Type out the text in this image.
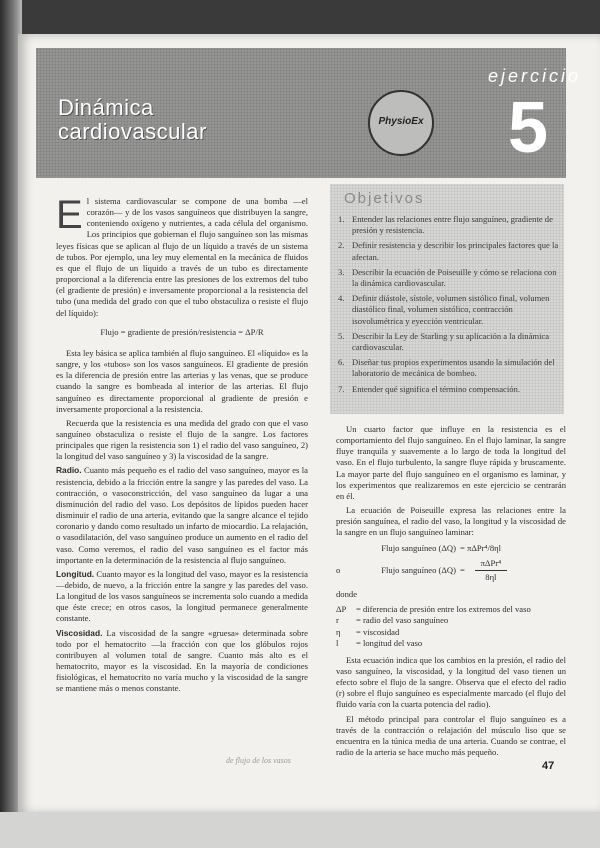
Dinámica
cardiovascular	PhysioEx
ejercicio
5

El sistema cardiovascular se compone de una bomba —el corazón— y de los vasos sanguíneos que distribuyen la sangre, conteniendo oxígeno y nutrientes, a cada célula del organismo. Los principios que gobiernan el flujo sanguíneo son las mismas leyes físicas que se aplican al flujo de un líquido a través de un sistema de tubos. Por ejemplo, una ley muy elemental en la mecánica de fluidos es que el flujo de un líquido a través de un tubo es directamente proporcional a la diferencia entre las presiones de los extremos del tubo (el gradiente de presión) e inversamente proporcional a la resistencia del tubo (una medida del grado con que el tubo obstaculiza o resiste el flujo del líquido):

Flujo = gradiente de presión/resistencia = ΔP/R

Esta ley básica se aplica también al flujo sanguíneo. El «líquido» es la sangre, y los «tubos» son los vasos sanguíneos. El gradiente de presión es la diferencia de presión entre las arterias y las venas, que se produce cuando la sangre es bombeada al interior de las arterias. El flujo sanguíneo es directamente proporcional al gradiente de presión e inversamente proporcional a la resistencia.

Recuerda que la resistencia es una medida del grado con que el vaso sanguíneo obstaculiza o resiste el flujo de la sangre. Los factores principales que rigen la resistencia son 1) el radio del vaso sanguíneo, 2) la longitud del vaso sanguíneo y 3) la viscosidad de la sangre.

Radio. Cuanto más pequeño es el radio del vaso sanguíneo, mayor es la resistencia, debido a la fricción entre la sangre y las paredes del vaso. La contracción, o vasoconstricción, del vaso sanguíneo da lugar a una disminución del radio del vaso. Los depósitos de lípidos pueden hacer disminuir el radio de una arteria, evitando que la sangre alcance el tejido coronario y dando como resultado un infarto de miocardio. La relajación, o vasodilatación, del vaso sanguíneo produce un aumento en el radio del vaso. Como veremos, el radio del vaso sanguíneo es el factor más importante en la determinación de la resistencia al flujo sanguíneo.

Longitud. Cuanto mayor es la longitud del vaso, mayor es la resistencia —debido, de nuevo, a la fricción entre la sangre y las paredes del vaso. La longitud de los vasos sanguíneos se incrementa solo cuando a medida que éste crece; en otros casos, la longitud permanece generalmente constante.

Viscosidad. La viscosidad de la sangre «gruesa» determinada sobre todo por el hematocrito —la fracción con que los glóbulos rojos contribuyen al volumen total de sangre. Cuanto más alto es el hematocrito, mayor es la viscosidad. En la mayoría de condiciones fisiológicas, el hematocrito no varía mucho y la viscosidad de la sangre se mantiene más o menos constante.

Objetivos
1. Entender las relaciones entre flujo sanguíneo, gradiente de presión y resistencia.
2. Definir resistencia y describir los principales factores que la afectan.
3. Describir la ecuación de Poiseuille y cómo se relaciona con la dinámica cardiovascular.
4. Definir diástole, sístole, volumen sistólico final, volumen diastólico final, volumen sistólico, contracción isovolumétrica y eyección ventricular.
5. Describir la Ley de Starling y su aplicación a la dinámica cardiovascular.
6. Diseñar tus propios experimentos usando la simulación del laboratorio de mecánica de bombeo.
7. Entender qué significa el término compensación.

Un cuarto factor que influye en la resistencia es el comportamiento del flujo sanguíneo. En el flujo laminar, la sangre fluye tranquila y suavemente a lo largo de toda la longitud del vaso. En el flujo turbulento, la sangre fluye rápida y bruscamente. La mayor parte del flujo sanguíneo en el organismo es laminar, y los experimentos que realizaremos en este ejercicio se centrarán en él.

La ecuación de Poiseuille expresa las relaciones entre la presión sanguínea, el radio del vaso, la longitud y la viscosidad de la sangre en un flujo sanguíneo laminar:

Flujo sanguíneo (ΔQ) = πΔPr⁴/8ηl
o	Flujo sanguíneo $(\Delta Q) = \frac{\text{πΔPr⁴}}{8\eta l}$
donde
ΔP	= diferencia de presión entre los extremos del vaso
r	= radio del vaso sanguíneo
η	= viscosidad
l	= longitud del vaso

Esta ecuación indica que los cambios en la presión, el radio del vaso sanguíneo, la viscosidad, y la longitud del vaso tienen un efecto sobre el flujo de la sangre. Observa que el efecto del radio (r) sobre el flujo sanguíneo es especialmente marcado (el flujo del fluido varía con la cuarta potencia del radio).

El método principal para controlar el flujo sanguíneo es a través de la contracción o relajación del músculo liso que se encuentra en la túnica media de una arteria. Cuando se contrae, el radio de la arteria se hace mucho más pequeño.

de flujo de los vasos	47
